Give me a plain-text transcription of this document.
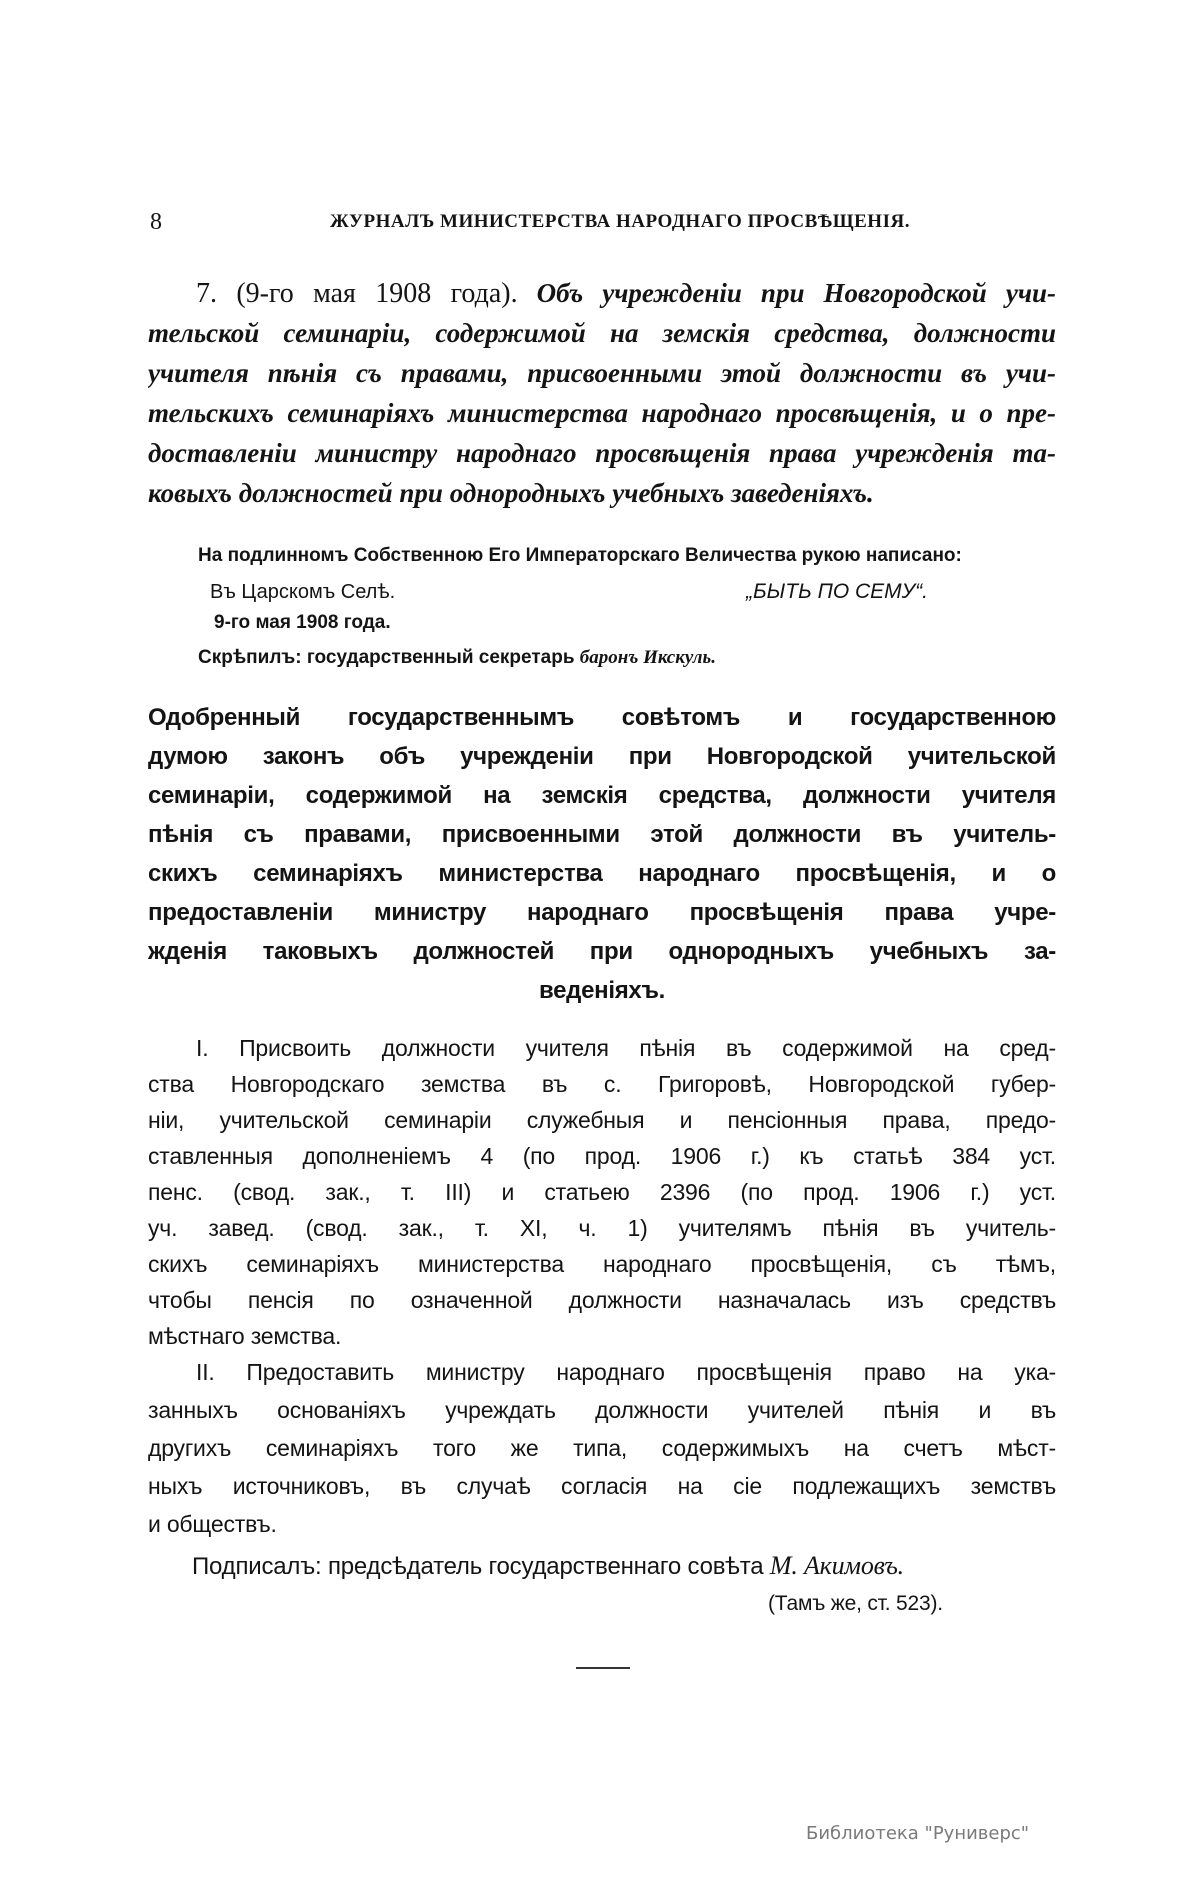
8	ЖУРНАЛЪ МИНИСТЕРСТВА НАРОДНАГО ПРОСВѢЩЕНІЯ.
7. (9-го мая 1908 года). Объ учрежденіи при Новгородской учи-
тельской семинаріи, содержимой на земскія средства, должности
учителя пѣнія съ правами, присвоенными этой должности въ учи-
тельскихъ семинаріяхъ министерства народнаго просвѣщенія, и о пре-
доставленіи министру народнаго просвѣщенія права учрежденія та-
ковыхъ должностей при однородныхъ учебныхъ заведеніяхъ.
На подлинномъ Собственною Его Императорскаго Величества рукою написано:
Въ Царскомъ Селѣ.	„БЫТЬ ПО СЕМУ“.
9-го мая 1908 года.
Скрѣпилъ: государственный секретарь баронъ Икскуль.
Одобренный государственнымъ совѣтомъ и государственною
думою законъ объ учрежденіи при Новгородской учительской
семинаріи, содержимой на земскія средства, должности учителя
пѣнія съ правами, присвоенными этой должности въ учитель-
скихъ семинаріяхъ министерства народнаго просвѣщенія, и о
предоставленіи министру народнаго просвѣщенія права учре-
жденія таковыхъ должностей при однородныхъ учебныхъ за-
веденіяхъ.
I. Присвоить должности учителя пѣнія въ содержимой на сред-
ства Новгородскаго земства въ с. Григоровѣ, Новгородской губер-
ніи, учительской семинаріи служебныя и пенсіонныя права, предо-
ставленныя дополненіемъ 4 (по прод. 1906 г.) къ статьѣ 384 уст.
пенс. (свод. зак., т. III) и статьею 2396 (по прод. 1906 г.) уст.
уч. завед. (свод. зак., т. XI, ч. 1) учителямъ пѣнія въ учитель-
скихъ семинаріяхъ министерства народнаго просвѣщенія, съ тѣмъ,
чтобы пенсія по означенной должности назначалась изъ средствъ
мѣстнаго земства.
II. Предоставить министру народнаго просвѣщенія право на ука-
занныхъ основаніяхъ учреждать должности учителей пѣнія и въ
другихъ семинаріяхъ того же типа, содержимыхъ на счетъ мѣст-
ныхъ источниковъ, въ случаѣ согласія на сіе подлежащихъ земствъ
и обществъ.
Подписалъ: предсѣдатель государственнаго совѣта М. Акимовъ.
(Тамъ же, ст. 523).
Библиотека "Руниверс"
